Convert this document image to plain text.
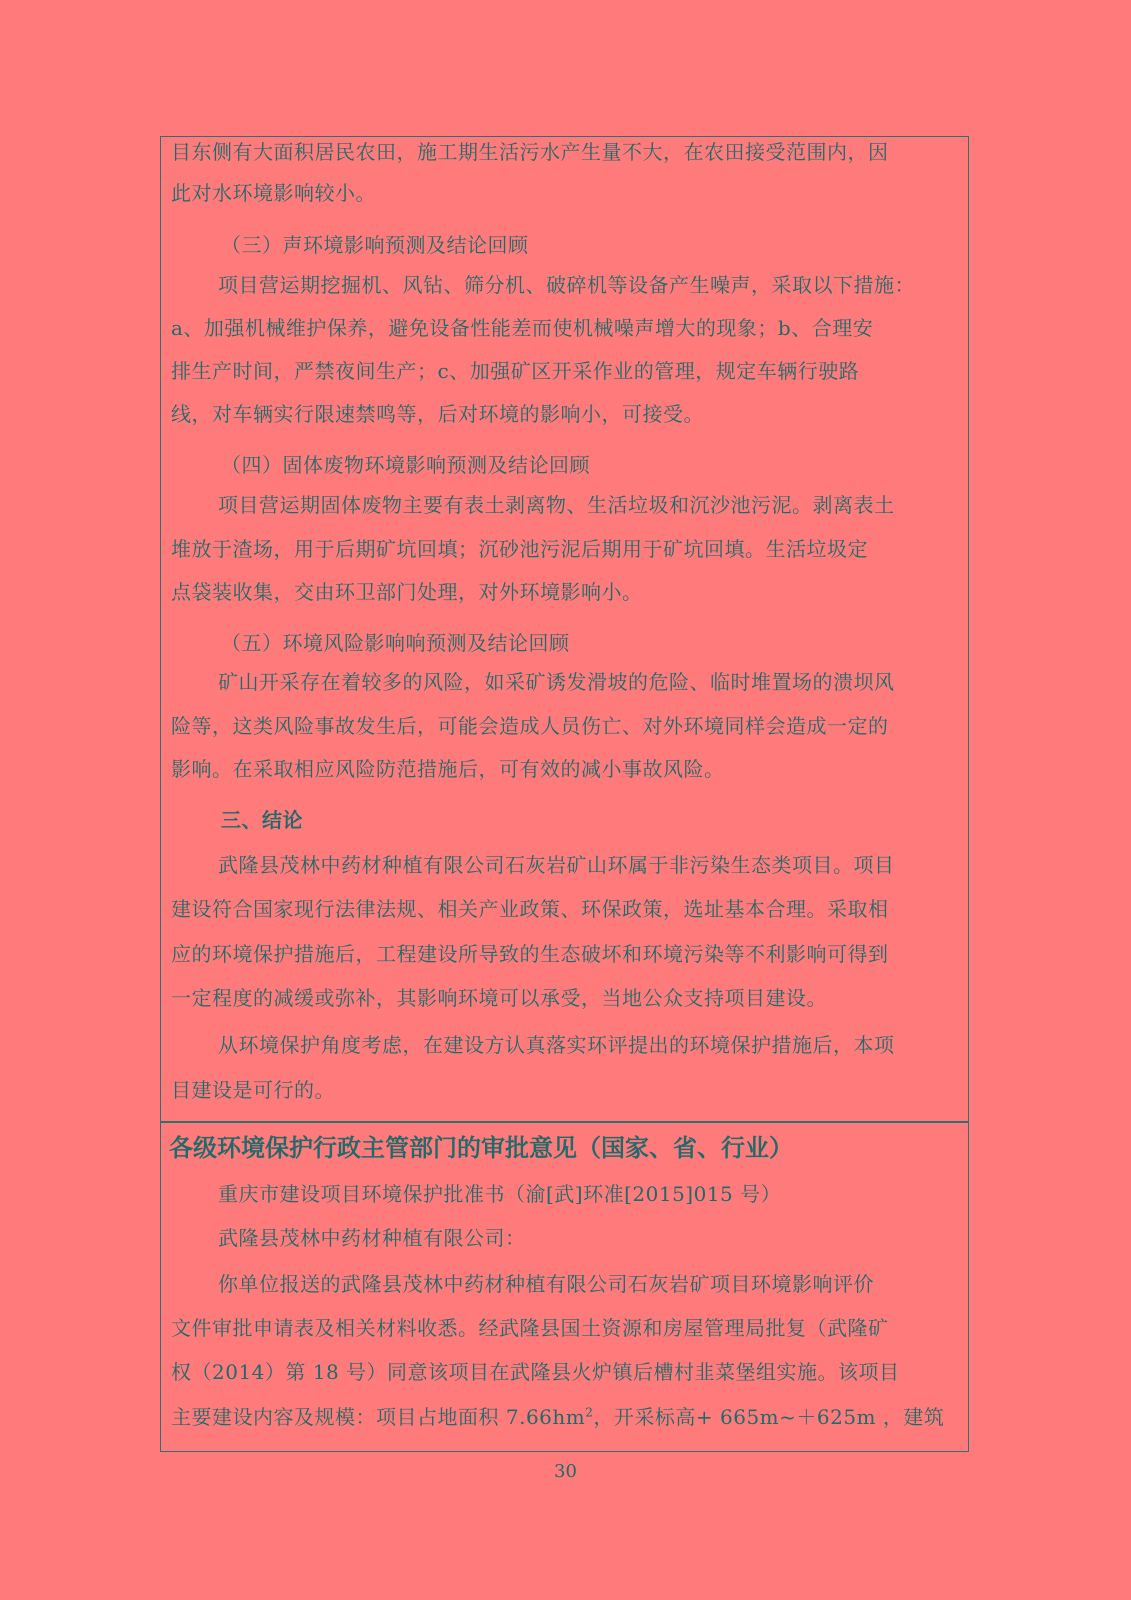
目东侧有大面积居民农田，施工期生活污水产生量不大，在农田接受范围内，因
此对水环境影响较小。
（三）声环境影响预测及结论回顾
项目营运期挖掘机、风钻、筛分机、破碎机等设备产生噪声，采取以下措施：
a、加强机械维护保养，避免设备性能差而使机械噪声增大的现象；b、合理安
排生产时间，严禁夜间生产；c、加强矿区开采作业的管理，规定车辆行驶路
线，对车辆实行限速禁鸣等，后对环境的影响小，可接受。
（四）固体废物环境影响预测及结论回顾
项目营运期固体废物主要有表土剥离物、生活垃圾和沉沙池污泥。剥离表土
堆放于渣场，用于后期矿坑回填；沉砂池污泥后期用于矿坑回填。生活垃圾定
点袋装收集，交由环卫部门处理，对外环境影响小。
（五）环境风险影响响预测及结论回顾
矿山开采存在着较多的风险，如采矿诱发滑坡的危险、临时堆置场的溃坝风
险等，这类风险事故发生后，可能会造成人员伤亡、对外环境同样会造成一定的
影响。在采取相应风险防范措施后，可有效的减小事故风险。
三、结论
武隆县茂林中药材种植有限公司石灰岩矿山环属于非污染生态类项目。项目
建设符合国家现行法律法规、相关产业政策、环保政策，选址基本合理。采取相
应的环境保护措施后，工程建设所导致的生态破坏和环境污染等不利影响可得到
一定程度的减缓或弥补，其影响环境可以承受，当地公众支持项目建设。
从环境保护角度考虑，在建设方认真落实环评提出的环境保护措施后，本项
目建设是可行的。
各级环境保护行政主管部门的审批意见（国家、省、行业）
重庆市建设项目环境保护批准书（渝[武]环准[2015]015 号）
武隆县茂林中药材种植有限公司：
你单位报送的武隆县茂林中药材种植有限公司石灰岩矿项目环境影响评价
文件审批申请表及相关材料收悉。经武隆县国土资源和房屋管理局批复（武隆矿
权（2014）第 18 号）同意该项目在武隆县火炉镇后槽村韭菜堡组实施。该项目
主要建设内容及规模：项目占地面积 $7.66hm^2$，开采标高+ 665m~＋625m ，建筑
30
